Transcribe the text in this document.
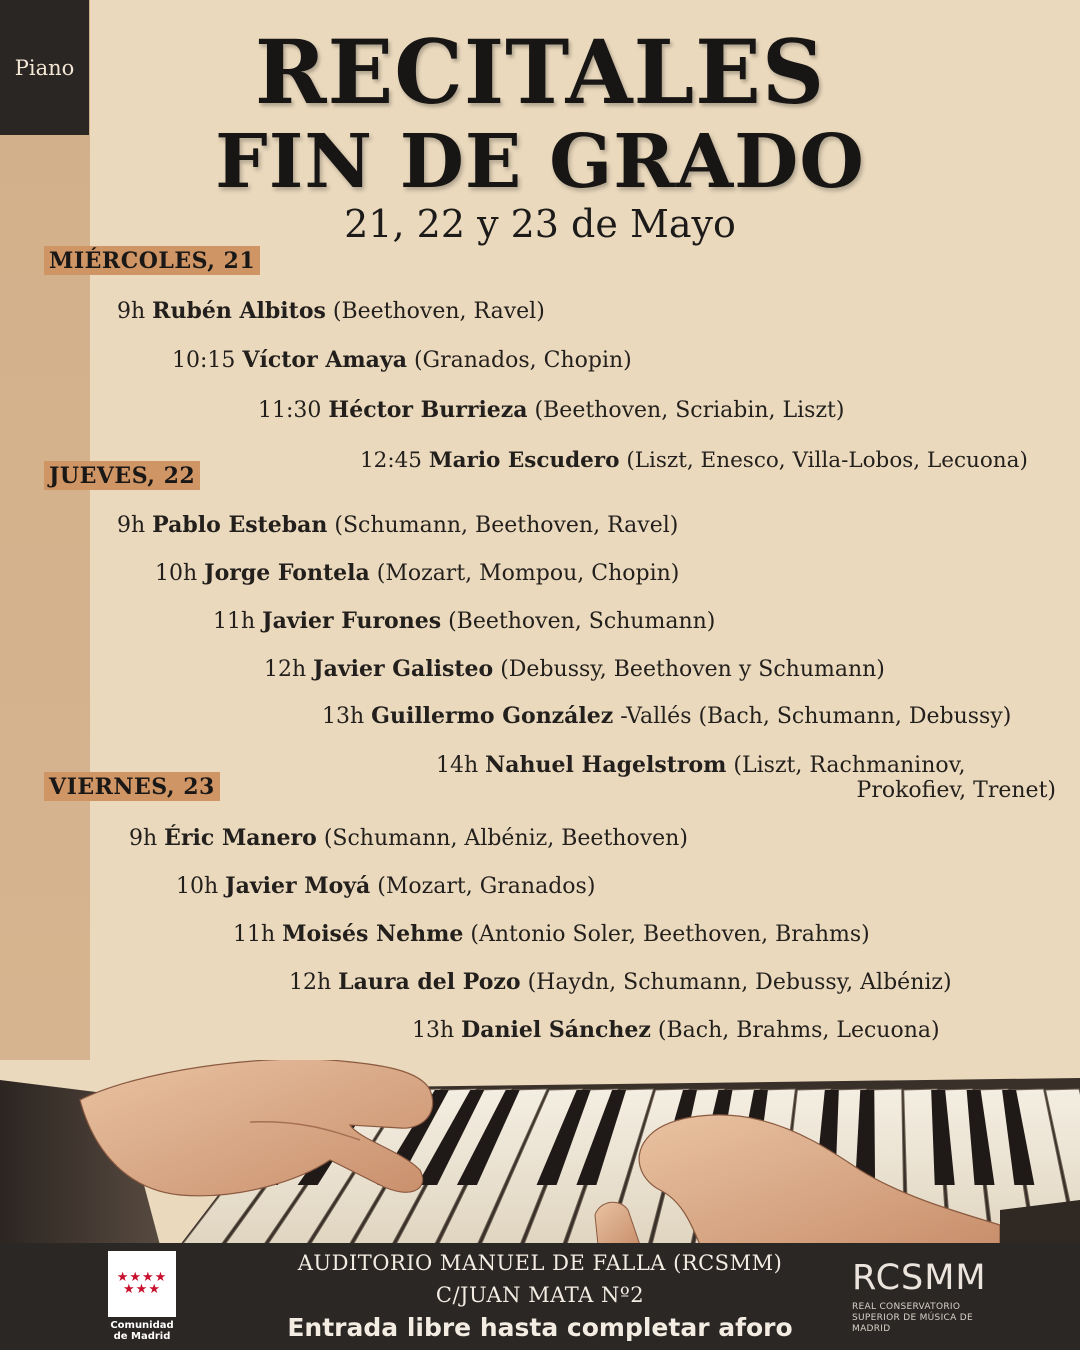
Piano	RECITALES
FIN DE GRADO
21, 22 y 23 de Mayo
MIÉRCOLES, 21
9h Rubén Albitos (Beethoven, Ravel)
10:15 Víctor Amaya (Granados, Chopin)
11:30 Héctor Burrieza (Beethoven, Scriabin, Liszt)
12:45 Mario Escudero (Liszt, Enesco, Villa-Lobos, Lecuona)
JUEVES, 22
9h Pablo Esteban (Schumann, Beethoven, Ravel)
10h Jorge Fontela (Mozart, Mompou, Chopin)
11h Javier Furones (Beethoven, Schumann)
12h Javier Galisteo (Debussy, Beethoven y Schumann)
13h Guillermo González -Vallés (Bach, Schumann, Debussy)
14h Nahuel Hagelstrom (Liszt, Rachmaninov,
Prokofiev, Trenet)
VIERNES, 23
9h Éric Manero (Schumann, Albéniz, Beethoven)
10h Javier Moyá (Mozart, Granados)
11h Moisés Nehme (Antonio Soler, Beethoven, Brahms)
12h Laura del Pozo (Haydn, Schumann, Debussy, Albéniz)
13h Daniel Sánchez (Bach, Brahms, Lecuona)
★★★★
★★★
Comunidad de Madrid
AUDITORIO MANUEL DE FALLA (RCSMM)
C/JUAN MATA Nº2
Entrada libre hasta completar aforo
RCSMM
REAL CONSERVATORIO
SUPERIOR DE MÚSICA DE MADRID
